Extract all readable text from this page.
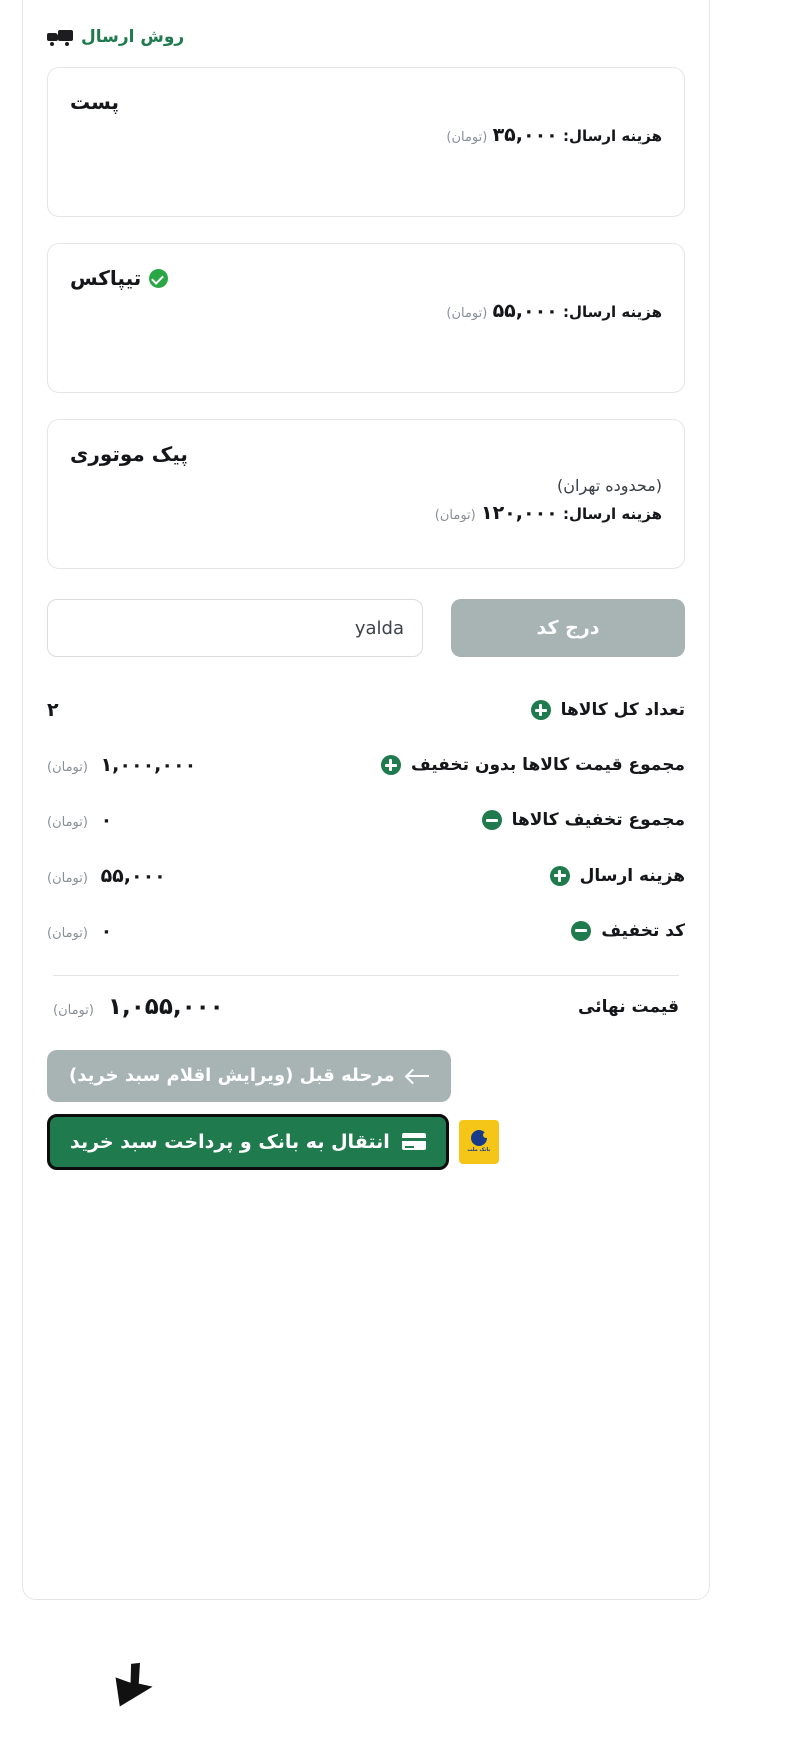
روش ارسال
پست
هزینه ارسال: ۳۵,۰۰۰ (تومان)
تیپاکس
هزینه ارسال: ۵۵,۰۰۰ (تومان)
پیک موتوری
(محدوده تهران)
هزینه ارسال: ۱۲۰,۰۰۰ (تومان)
درج کد
yalda
تعداد کل کالاها
۲
مجموع قیمت کالاها بدون تخفیف
۱,۰۰۰,۰۰۰ (تومان)
مجموع تخفیف کالاها
۰ (تومان)
هزینه ارسال
۵۵,۰۰۰ (تومان)
کد تخفیف
۰ (تومان)
قیمت نهائی
۱,۰۵۵,۰۰۰ (تومان)
مرحله قبل (ویرایش اقلام سبد خرید)
بانک ملت
انتقال به بانک و پرداخت سبد خرید
